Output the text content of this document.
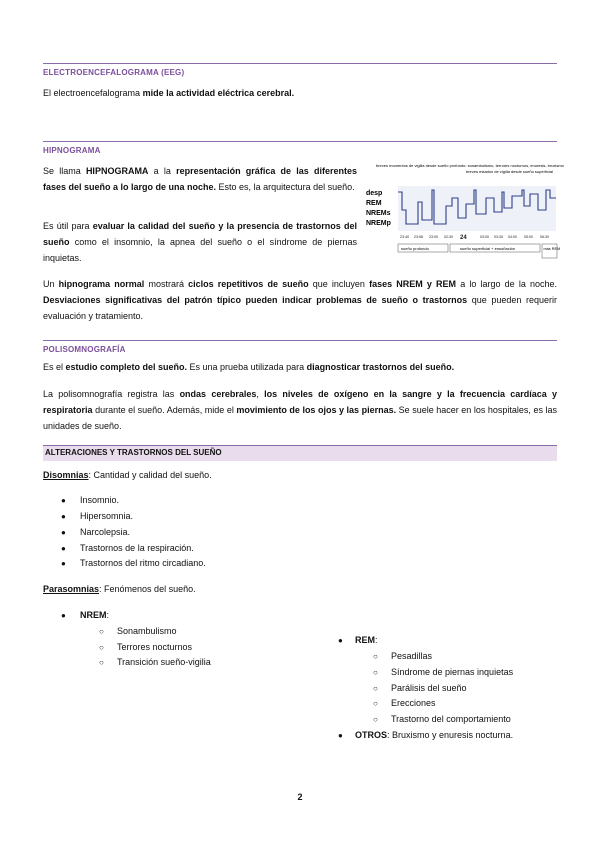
ELECTROENCEFALOGRAMA (EEG)
El electroencefalograma mide la actividad eléctrica cerebral.
HIPNOGRAMA
Se llama HIPNOGRAMA a la representación gráfica de las diferentes fases del sueño a lo largo de una noche. Esto es, la arquitectura del sueño.
Es útil para evaluar la calidad del sueño y la presencia de trastornos del sueño como el insomnio, la apnea del sueño o el síndrome de piernas inquietas.
breves momentos de vigilia desde sueño profundo: sonambulismo, terrores nocturnos, enuresis, bruxismo
breves estados de vigilia desde sueño superficial
desp
REM
NREMs
NREMp
23:40 23:58 23:00 02:30 24	03:00 03:30 04:00 05:00 06:30
sueño profundo	sueño superficial + ensoñación	más REM
Un hipnograma normal mostrará ciclos repetitivos de sueño que incluyen fases NREM y REM a lo largo de la noche. Desviaciones significativas del patrón típico pueden indicar problemas de sueño o trastornos que pueden requerir evaluación y tratamiento.
POLISOMNOGRAFÍA
Es el estudio completo del sueño. Es una prueba utilizada para diagnosticar trastornos del sueño.
La polisomnografía registra las ondas cerebrales, los niveles de oxígeno en la sangre y la frecuencia cardíaca y respiratoria durante el sueño. Además, mide el movimiento de los ojos y las piernas. Se suele hacer en los hospitales, es las unidades de sueño.
ALTERACIONES Y TRASTORNOS DEL SUEÑO
Disomnias: Cantidad y calidad del sueño.
● Insomnio.
● Hipersomnia.
● Narcolepsia.
● Trastornos de la respiración.
● Trastornos del ritmo circadiano.
Parasomnias: Fenómenos del sueño.
● NREM:
○ Sonambulismo
○ Terrores nocturnos
○ Transición sueño-vigilia
● REM:
○ Pesadillas
○ Síndrome de piernas inquietas
○ Parálisis del sueño
○ Erecciones
○ Trastorno del comportamiento
● OTROS: Bruxismo y enuresis nocturna.
2
